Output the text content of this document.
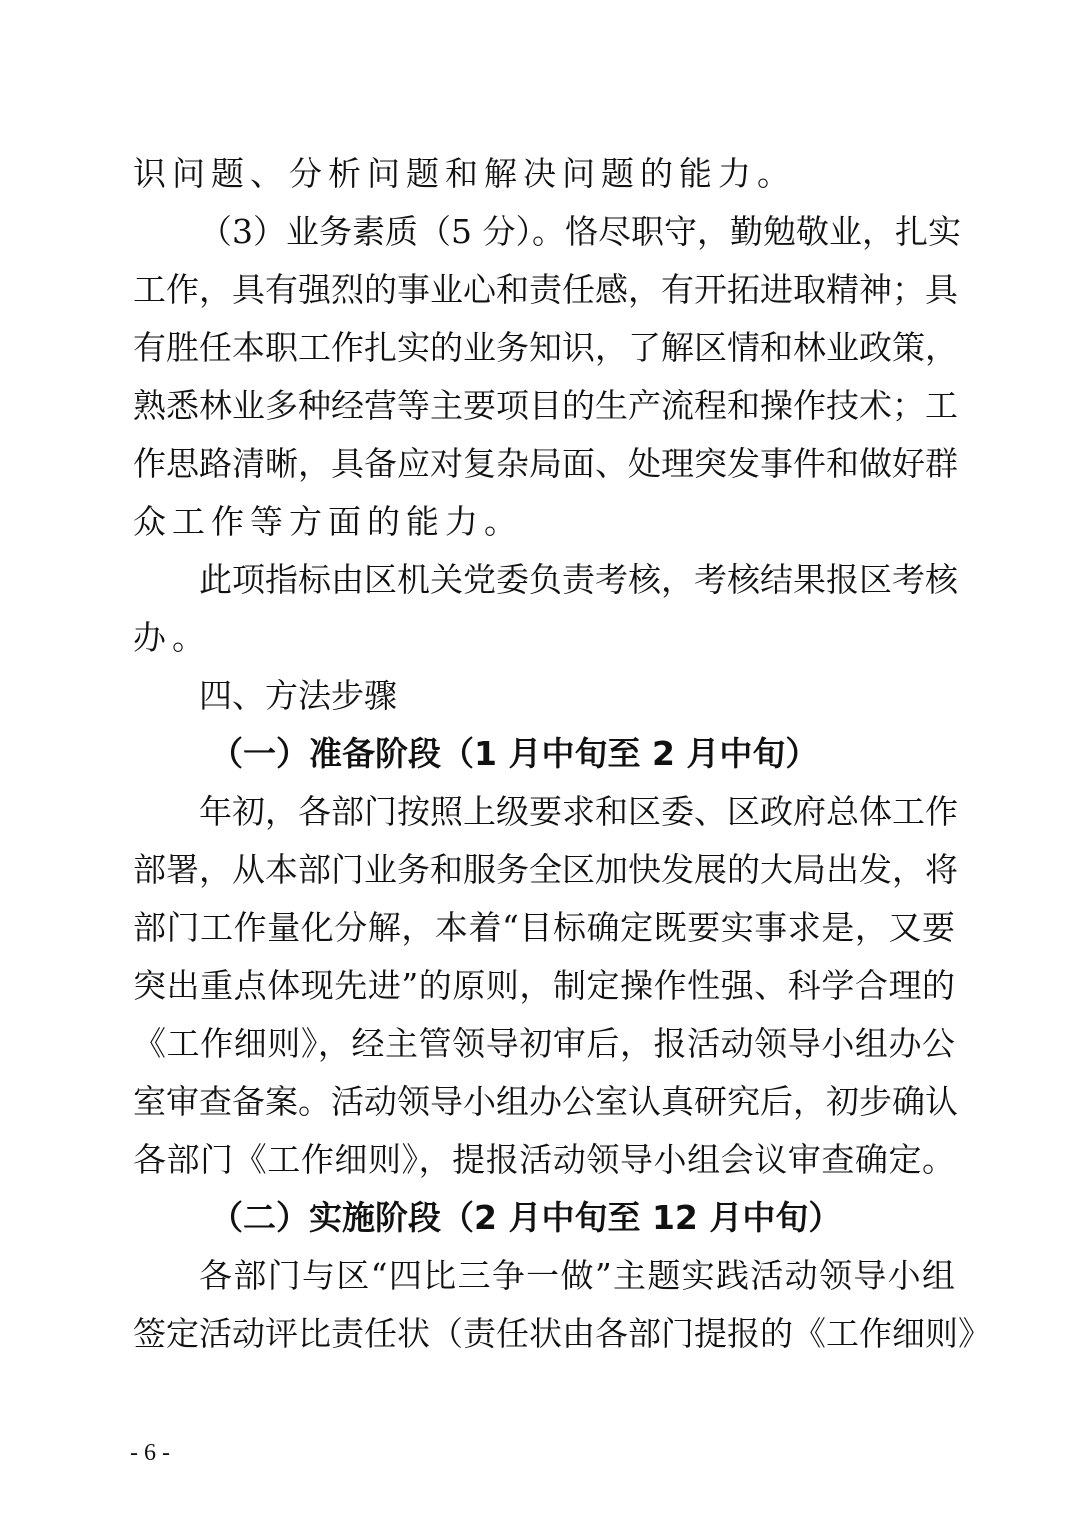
识问题、分析问题和解决问题的能力。
（3）业务素质（5 分）。恪尽职守，勤勉敬业，扎实
工作，具有强烈的事业心和责任感，有开拓进取精神；具
有胜任本职工作扎实的业务知识，了解区情和林业政策，
熟悉林业多种经营等主要项目的生产流程和操作技术；工
作思路清晰，具备应对复杂局面、处理突发事件和做好群
众工作等方面的能力。
此项指标由区机关党委负责考核，考核结果报区考核
办。
四、方法步骤
（一）准备阶段（1 月中旬至 2 月中旬）
年初，各部门按照上级要求和区委、区政府总体工作
部署，从本部门业务和服务全区加快发展的大局出发，将
部门工作量化分解，本着“目标确定既要实事求是，又要
突出重点体现先进”的原则，制定操作性强、科学合理的
《工作细则》，经主管领导初审后，报活动领导小组办公
室审查备案。活动领导小组办公室认真研究后，初步确认
各部门《工作细则》，提报活动领导小组会议审查确定。
（二）实施阶段（2 月中旬至 12 月中旬）
各部门与区“四比三争一做”主题实践活动领导小组
签定活动评比责任状（责任状由各部门提报的《工作细则》
- 6 -
